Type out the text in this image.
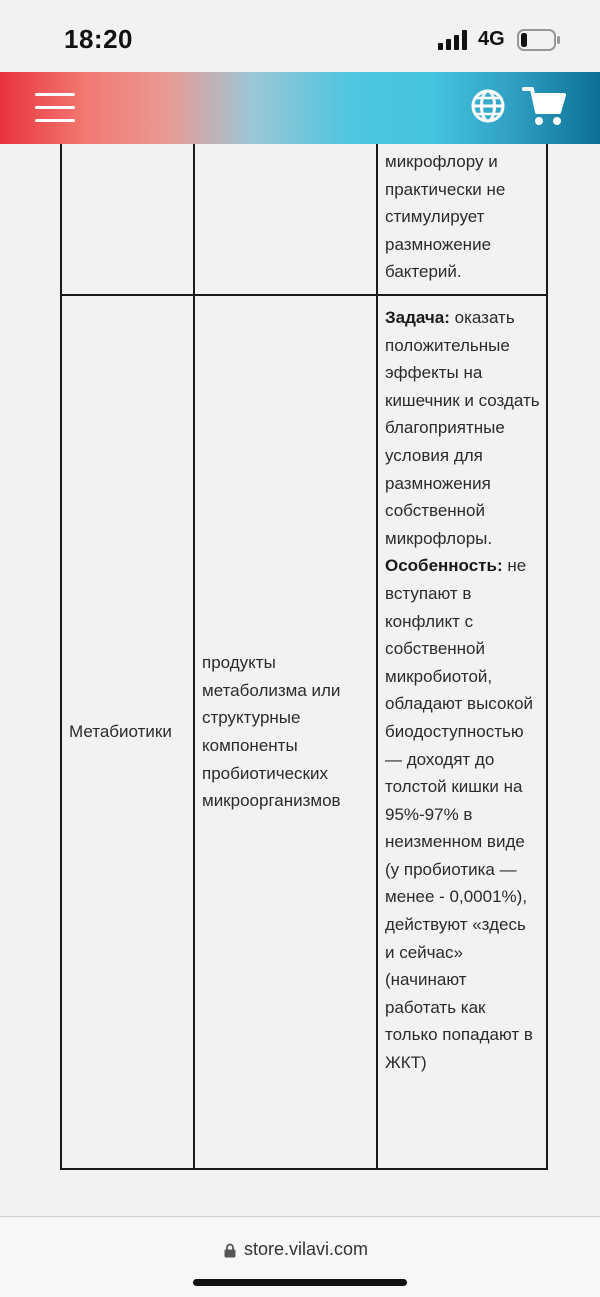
18:20	4G
		микрофлору и практически не стимулирует размножение бактерий.
Метабиотики	продукты метаболизма или структурные компоненты пробиотических микроорганизмов	Задача: оказать положительные эффекты на кишечник и создать благоприятные условия для размножения собственной микрофлоры.
Особенность: не вступают в конфликт с собственной микробиотой, обладают высокой биодоступностью — доходят до толстой кишки на 95%-97% в неизменном виде (у пробиотика — менее - 0,0001%), действуют «здесь и сейчас» (начинают работать как только попадают в ЖКТ)
store.vilavi.com
